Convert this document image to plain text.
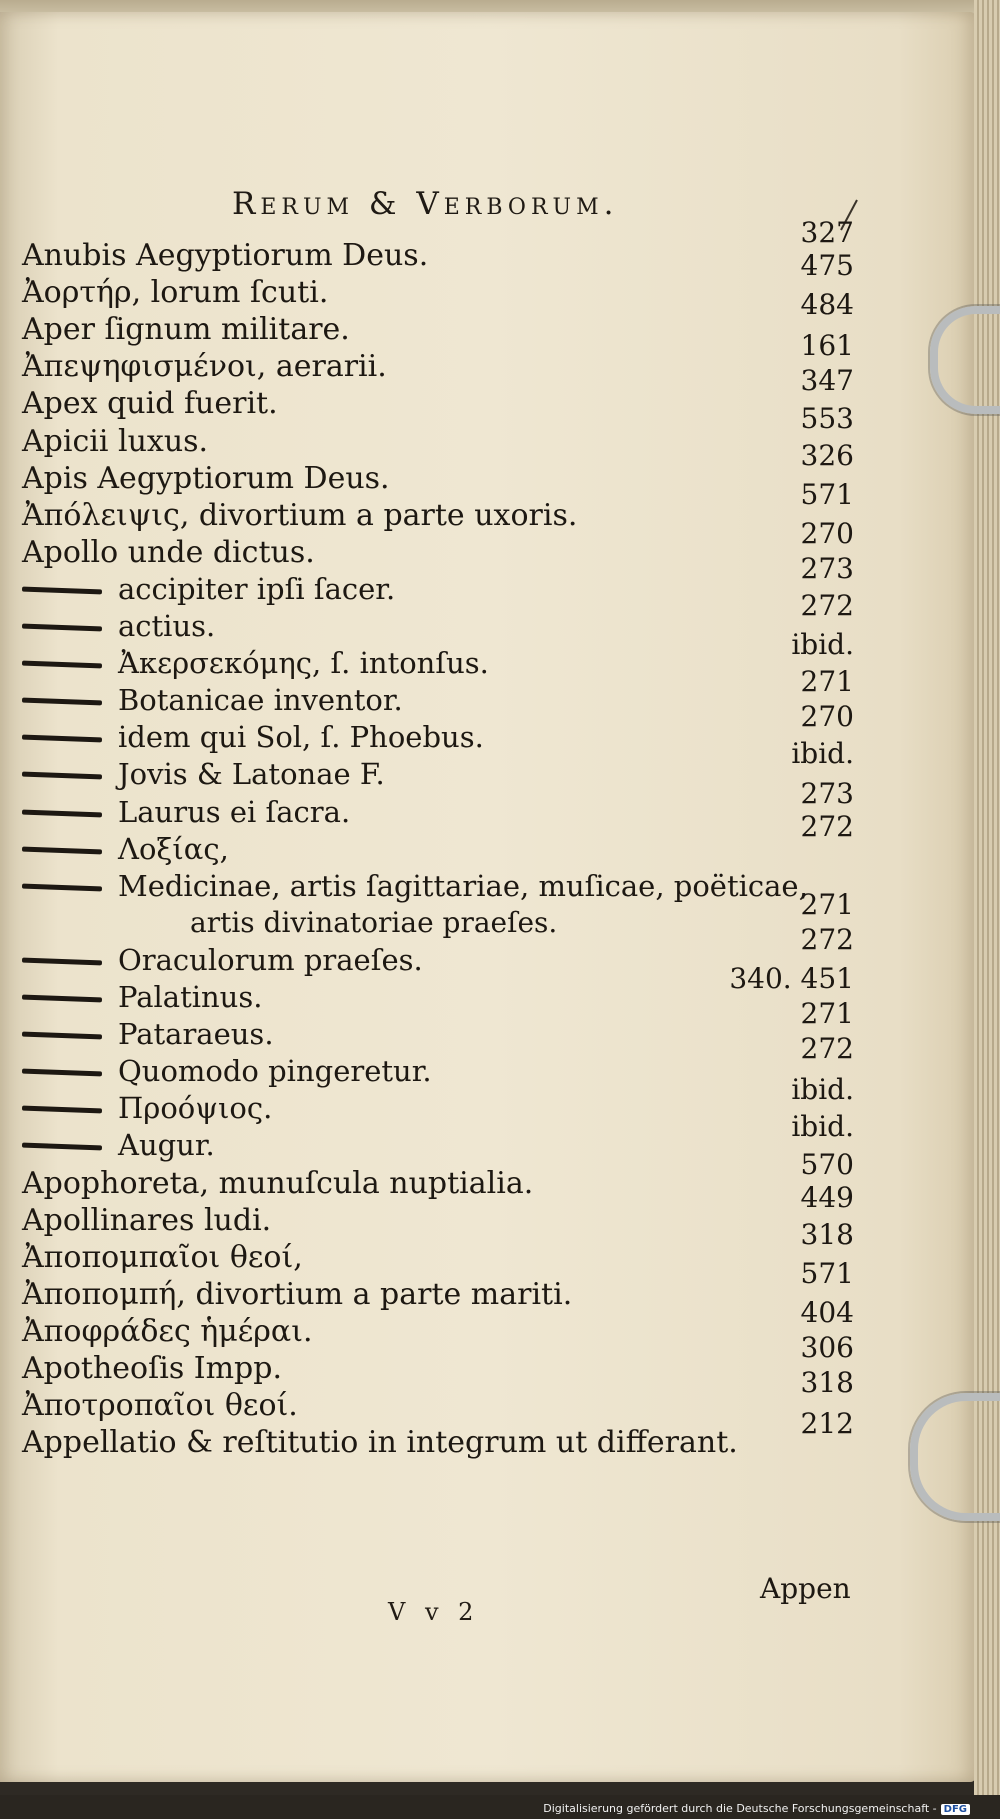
Rerum & Verborum.
Anubis Aegyptiorum Deus.
327
Ἀορτήρ, lorum ſcuti.
475
Aper ſignum militare.
484
Ἀπεψηφισμένοι, aerarii.
161
Apex quid fuerit.
347
Apicii luxus.
553
Apis Aegyptiorum Deus.
326
Ἀπόλειψις, divortium a parte uxoris.
571
Apollo unde dictus.
270
accipiter ipſi ſacer.
273
actius.
272
Ἀκερσεκόμης, ſ. intonſus.
ibid.
Botanicae inventor.
271
idem qui Sol, ſ. Phoebus.
270
Jovis & Latonae F.
ibid.
Laurus ei ſacra.
273
Λοξίας,
272
Medicinae, artis ſagittariae, muſicae, poëticae,
artis divinatoriae praeſes.
271
Oraculorum praeſes.
272
Palatinus.
340. 451
Pataraeus.
271
Quomodo pingeretur.
272
Προόψιος.
ibid.
Augur.
ibid.
Apophoreta, munuſcula nuptialia.
570
Apollinares ludi.
449
Ἀποπομπαῖοι θεοί,
318
Ἀποπομπή, divortium a parte mariti.
571
Ἀποφράδες ἡμέραι.
404
Apotheoſis Impp.
306
Ἀποτροπαῖοι θεοί.
318
Appellatio & reſtitutio in integrum ut differant.
212
V v 2
Appen
Digitalisierung gefördert durch die Deutsche Forschungsgemeinschaft - DFG
